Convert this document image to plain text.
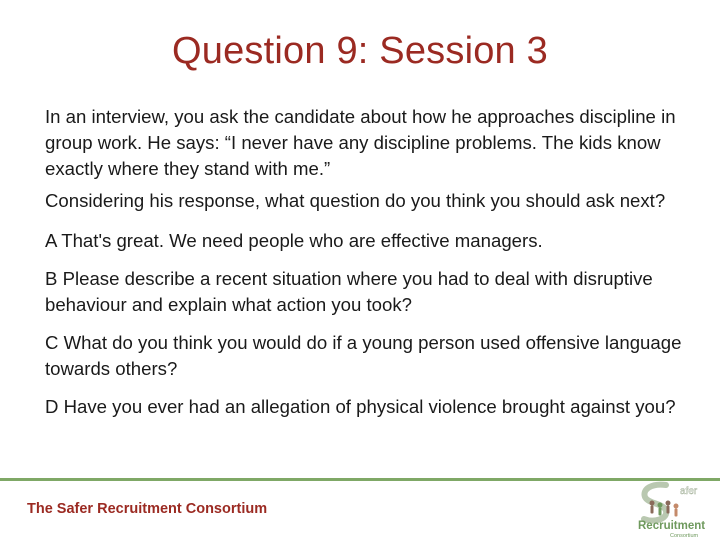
Question 9: Session 3

In an interview, you ask the candidate about how he approaches discipline in group work. He says: “I never have any discipline problems. The kids know exactly where they stand with me.”

Considering his response, what question do you think you should ask next?

A That's great. We need people who are effective managers.

B Please describe a recent situation where you had to deal with disruptive behaviour and explain what action you took?

C What do you think you would do if a young person used offensive language towards others?

D Have you ever had an allegation of physical violence brought against you?

The Safer Recruitment Consortium
afer
Recruitment
Consortium
